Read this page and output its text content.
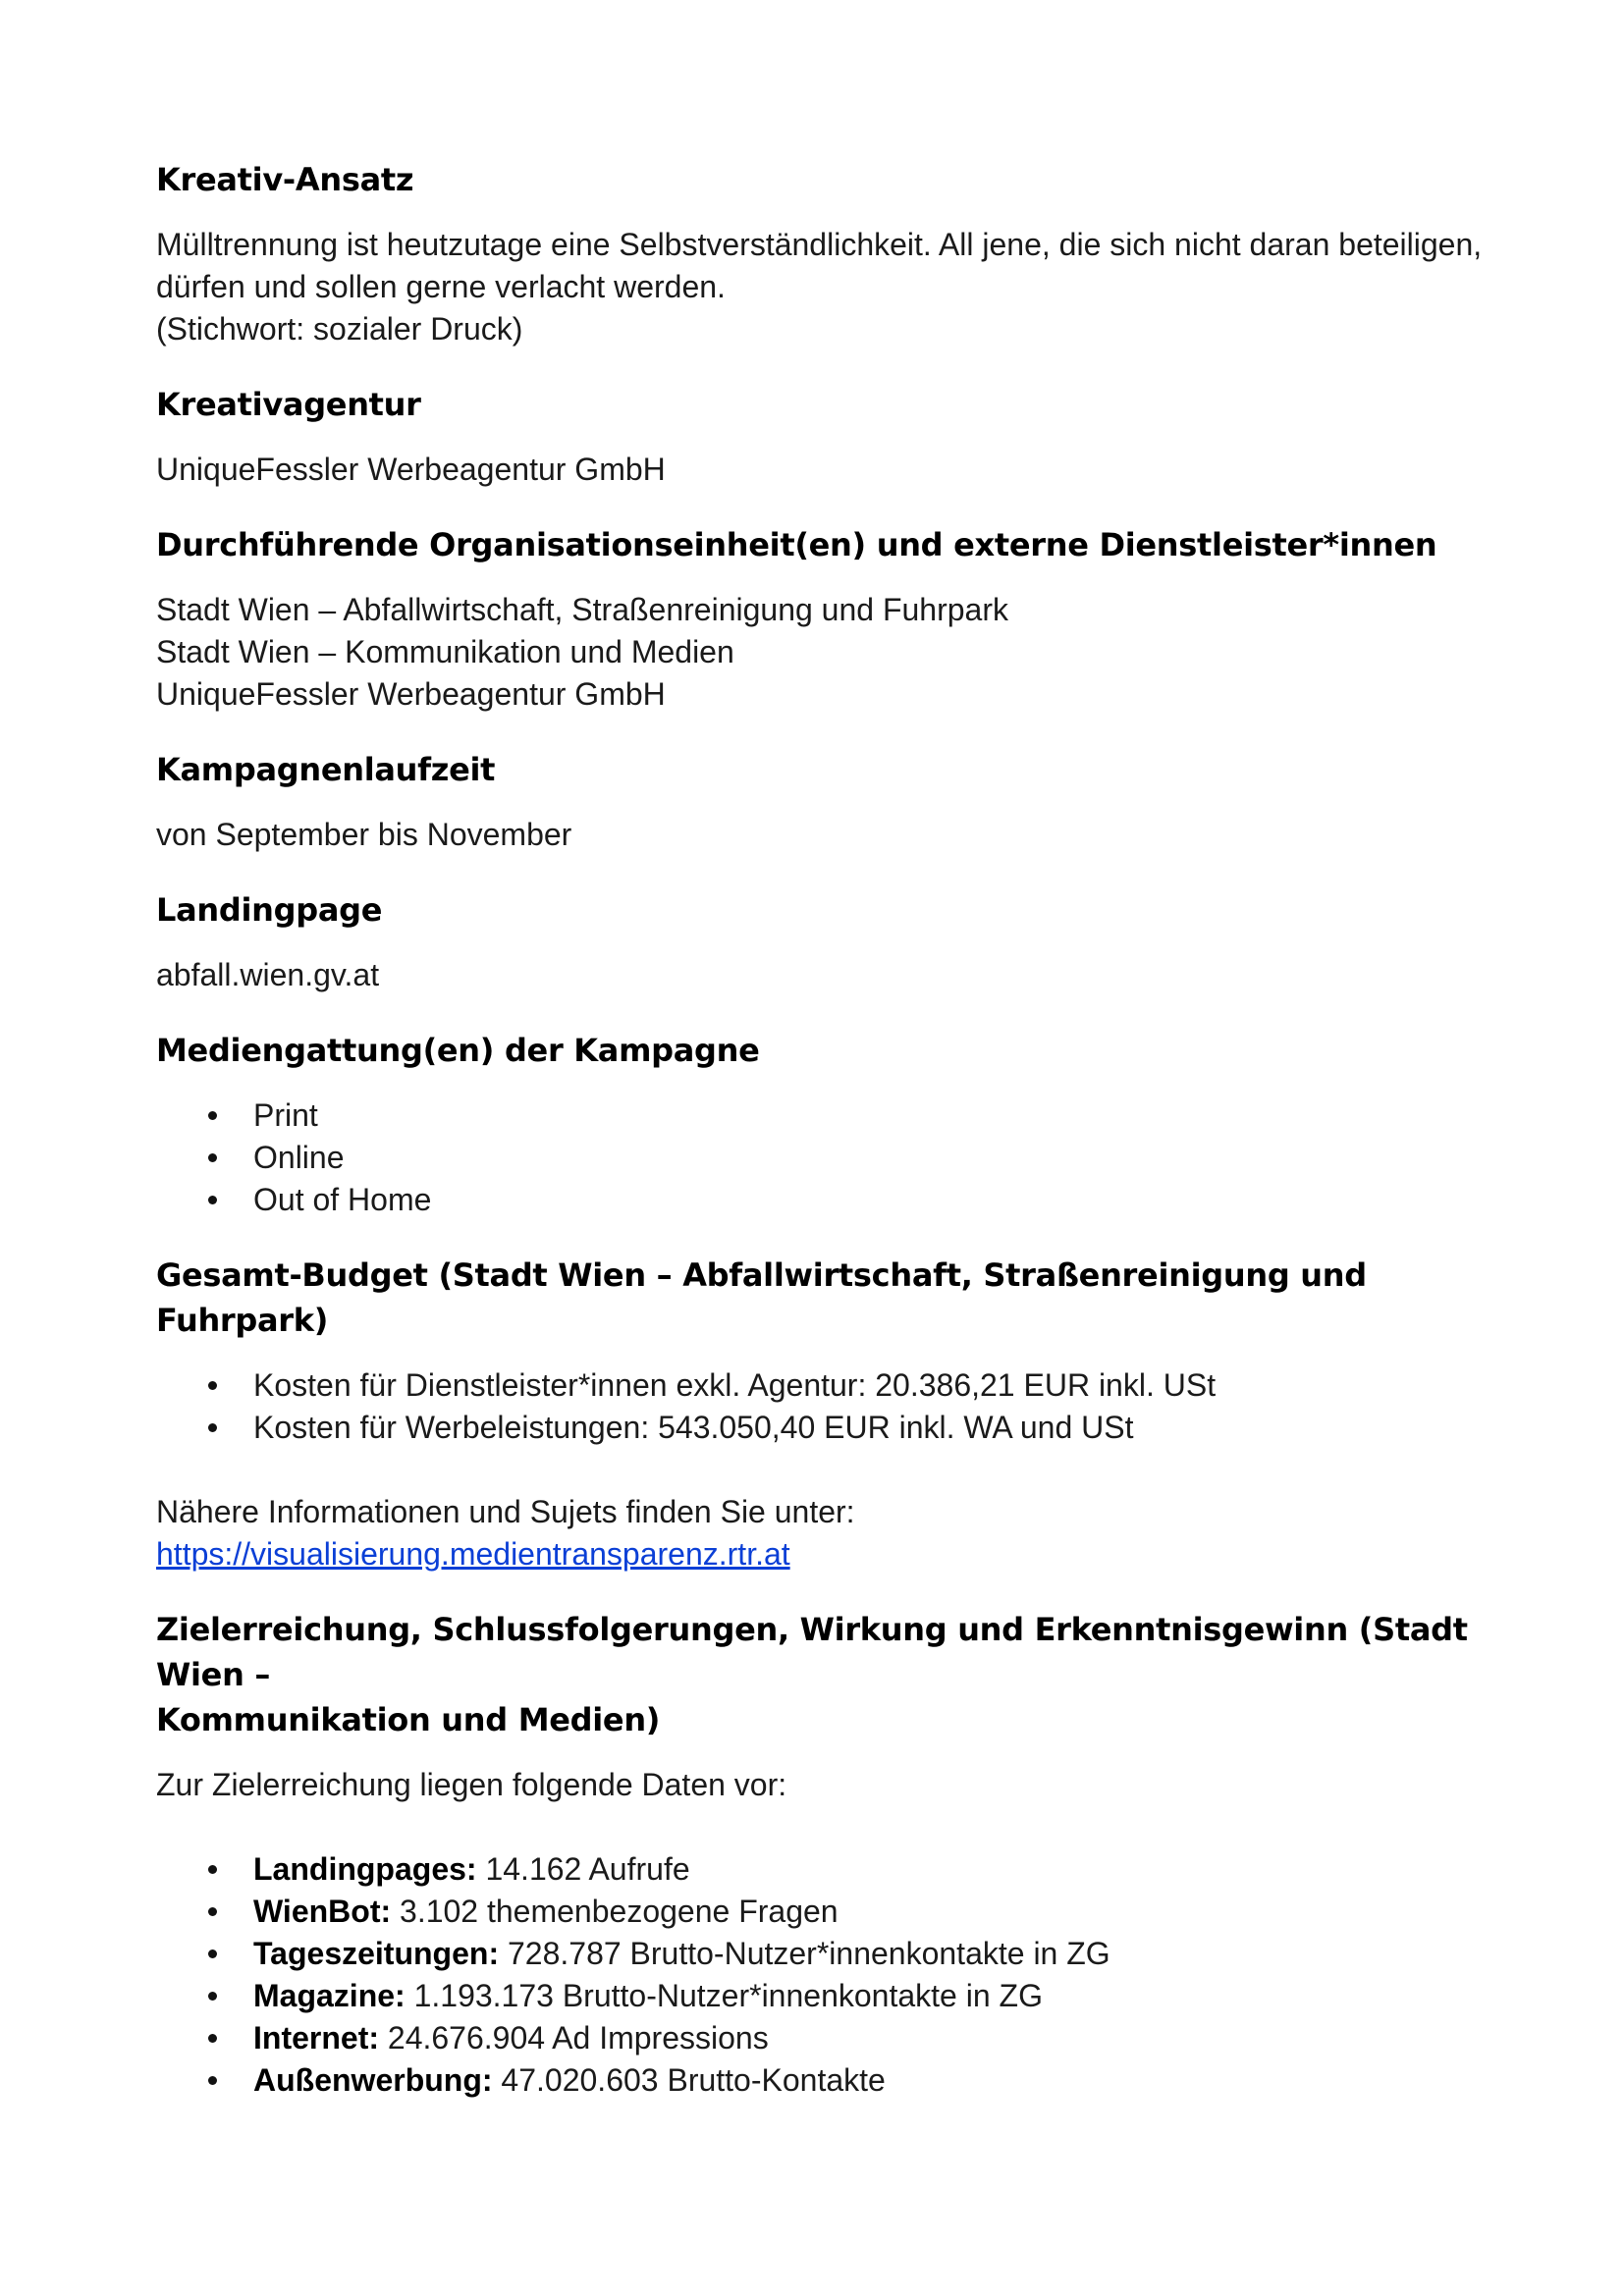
Kreativ-Ansatz

Mülltrennung ist heutzutage eine Selbstverständlichkeit. All jene, die sich nicht daran beteiligen,

dürfen und sollen gerne verlacht werden.

(Stichwort: sozialer Druck)

Kreativagentur

UniqueFessler Werbeagentur GmbH

Durchführende Organisationseinheit(en) und externe Dienstleister*innen

Stadt Wien – Abfallwirtschaft, Straßenreinigung und Fuhrpark

Stadt Wien – Kommunikation und Medien

UniqueFessler Werbeagentur GmbH

Kampagnenlaufzeit

von September bis November

Landingpage

abfall.wien.gv.at

Mediengattung(en) der Kampagne
Print
Online
Out of Home
Gesamt-Budget (Stadt Wien – Abfallwirtschaft, Straßenreinigung und Fuhrpark)
Kosten für Dienstleister*innen exkl. Agentur: 20.386,21 EUR inkl. USt
Kosten für Werbeleistungen: 543.050,40 EUR inkl. WA und USt

Nähere Informationen und Sujets finden Sie unter:

https://visualisierung.medientransparenz.rtr.at

Zielerreichung, Schlussfolgerungen, Wirkung und Erkenntnisgewinn (Stadt Wien –
Kommunikation und Medien)

Zur Zielerreichung liegen folgende Daten vor:

Landingpages: 14.162 Aufrufe
WienBot: 3.102 themenbezogene Fragen
Tageszeitungen: 728.787 Brutto-Nutzer*innenkontakte in ZG
Magazine: 1.193.173 Brutto-Nutzer*innenkontakte in ZG
Internet: 24.676.904 Ad Impressions
Außenwerbung: 47.020.603 Brutto-Kontakte
